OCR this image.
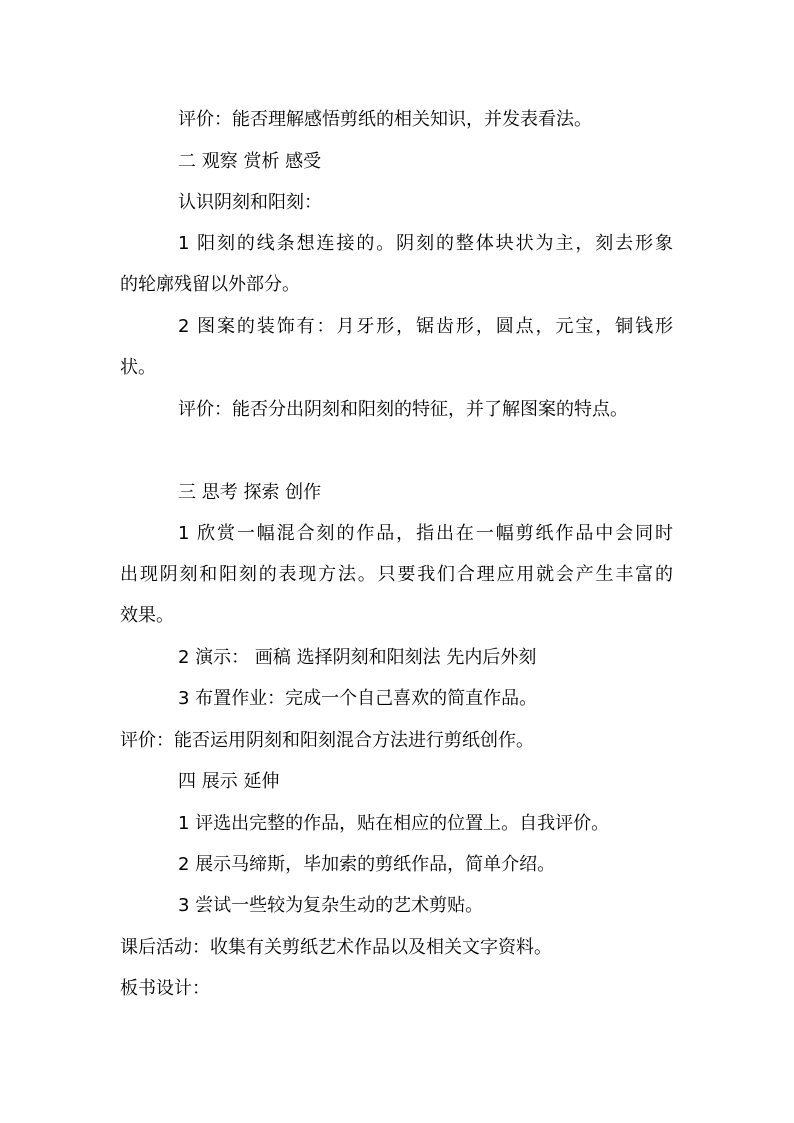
评价：能否理解感悟剪纸的相关知识，并发表看法。
二 观察 赏析 感受
认识阴刻和阳刻：
1 阳刻的线条想连接的。阴刻的整体块状为主，刻去形象
的轮廓残留以外部分。
2 图案的装饰有：月牙形，锯齿形，圆点，元宝，铜钱形
状。
评价：能否分出阴刻和阳刻的特征，并了解图案的特点。
三 思考 探索 创作
1 欣赏一幅混合刻的作品，指出在一幅剪纸作品中会同时
出现阴刻和阳刻的表现方法。只要我们合理应用就会产生丰富的
效果。
2 演示： 画稿 选择阴刻和阳刻法 先内后外刻
3 布置作业：完成一个自己喜欢的简直作品。
评价：能否运用阴刻和阳刻混合方法进行剪纸创作。
四 展示 延伸
1 评选出完整的作品，贴在相应的位置上。自我评价。
2 展示马缔斯，毕加索的剪纸作品，简单介绍。
3 尝试一些较为复杂生动的艺术剪贴。
课后活动：收集有关剪纸艺术作品以及相关文字资料。
板书设计：
